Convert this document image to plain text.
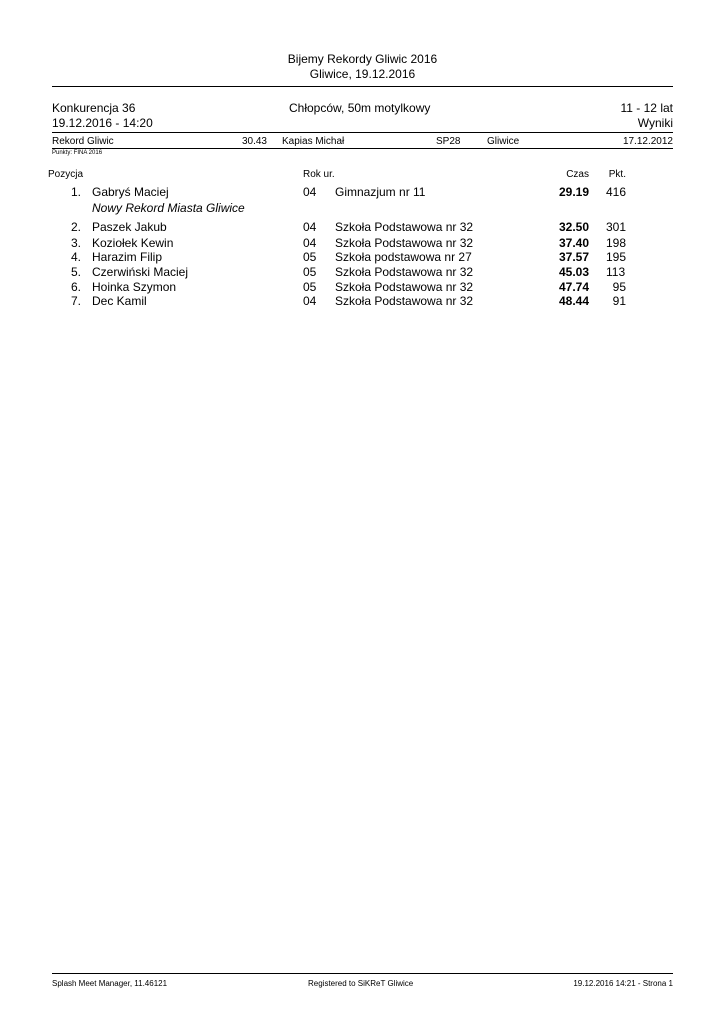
Bijemy Rekordy Gliwic 2016
Gliwice, 19.12.2016
Konkurencja 36	Chłopców, 50m motylkowy	11 - 12 lat
19.12.2016 - 14:20	Wyniki
Rekord Gliwic	30.43 Kapias Michał	SP28	Gliwice	17.12.2012
Punkty: FINA 2016
Pozycja	Rok ur.	Czas Pkt.
1. Gabryś Maciej	04 Gimnazjum nr 11	29.19 416
Nowy Rekord Miasta Gliwice
2. Paszek Jakub	04 Szkoła Podstawowa nr 32	32.50 301
3. Koziołek Kewin	04 Szkoła Podstawowa nr 32	37.40 198
4. Harazim Filip	05 Szkoła podstawowa nr 27	37.57 195
5. Czerwiński Maciej	05 Szkoła Podstawowa nr 32	45.03 113
6. Hoinka Szymon	05 Szkoła Podstawowa nr 32	47.74 95
7. Dec Kamil	04 Szkoła Podstawowa nr 32	48.44 91
Splash Meet Manager, 11.46121	Registered to SiKReT Gliwice	19.12.2016 14:21 - Strona 1
